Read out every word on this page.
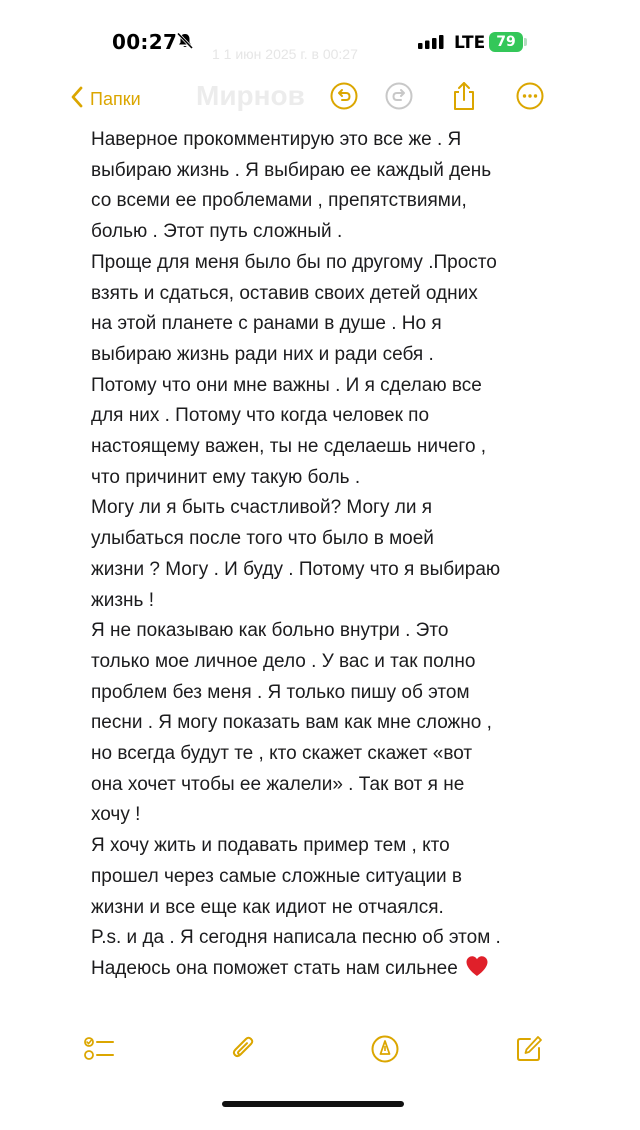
00:27	LTE 79
1 1 июн 2025 г. в 00:27
Мирнов
Папки
Наверное прокомментирую это все же . Я
выбираю жизнь . Я выбираю ее каждый день
со всеми ее проблемами , препятствиями,
болью . Этот путь сложный .
Проще для меня было бы по другому .Просто
взять и сдаться, оставив своих детей одних
на этой планете с ранами в душе . Но я
выбираю жизнь ради них и ради себя .
Потому что они мне важны . И я сделаю все
для них . Потому что когда человек по
настоящему важен, ты не сделаешь ничего ,
что причинит ему такую боль .
Могу ли я быть счастливой? Могу ли я
улыбаться после того что было в моей
жизни ? Могу . И буду . Потому что я выбираю
жизнь !
Я не показываю как больно внутри . Это
только мое личное дело . У вас и так полно
проблем без меня . Я только пишу об этом
песни . Я могу показать вам как мне сложно ,
но всегда будут те , кто скажет скажет «вот
она хочет чтобы ее жалели» . Так вот я не
хочу !
Я хочу жить и подавать пример тем , кто
прошел через самые сложные ситуации в
жизни и все еще как идиот не отчаялся.
P.s. и да . Я сегодня написала песню об этом .
Надеюсь она поможет стать нам сильнее
